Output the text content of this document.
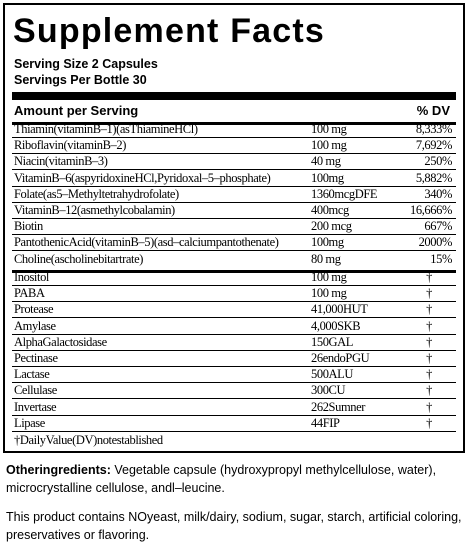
Supplement Facts
Serving Size 2 Capsules
Servings Per Bottle 30
Amount per Serving	% DV
Thiamin(vitaminB–1)(asThiamineHCl)	100 mg	8,333%
Riboflavin(vitaminB–2)	100 mg	7,692%
Niacin(vitaminB–3)	40 mg	250%
VitaminB–6(aspyridoxineHCl,Pyridoxal–5–phosphate)	100mg	5,882%
Folate(as5–Methyltetrahydrofolate)	1360mcgDFE	340%
VitaminB–12(asmethylcobalamin)	400mcg	16,666%
Biotin	200 mcg	667%
PantothenicAcid(vitaminB–5)(asd–calciumpantothenate)	100mg	2000%
Choline(ascholinebitartrate)	80 mg	15%
Inositol	100 mg	†
PABA	100 mg	†
Protease	41,000HUT	†
Amylase	4,000SKB	†
AlphaGalactosidase	150GAL	†
Pectinase	26endoPGU	†
Lactase	500ALU	†
Cellulase	300CU	†
Invertase	262Sumner	†
Lipase	44FIP	†
†DailyValue(DV)notestablished
Otheringredients: Vegetable capsule (hydroxypropyl methylcellulose, water), microcrystalline cellulose, andl–leucine.
This product contains NOyeast, milk/dairy, sodium, sugar, starch, artificial coloring, preservatives or flavoring.
